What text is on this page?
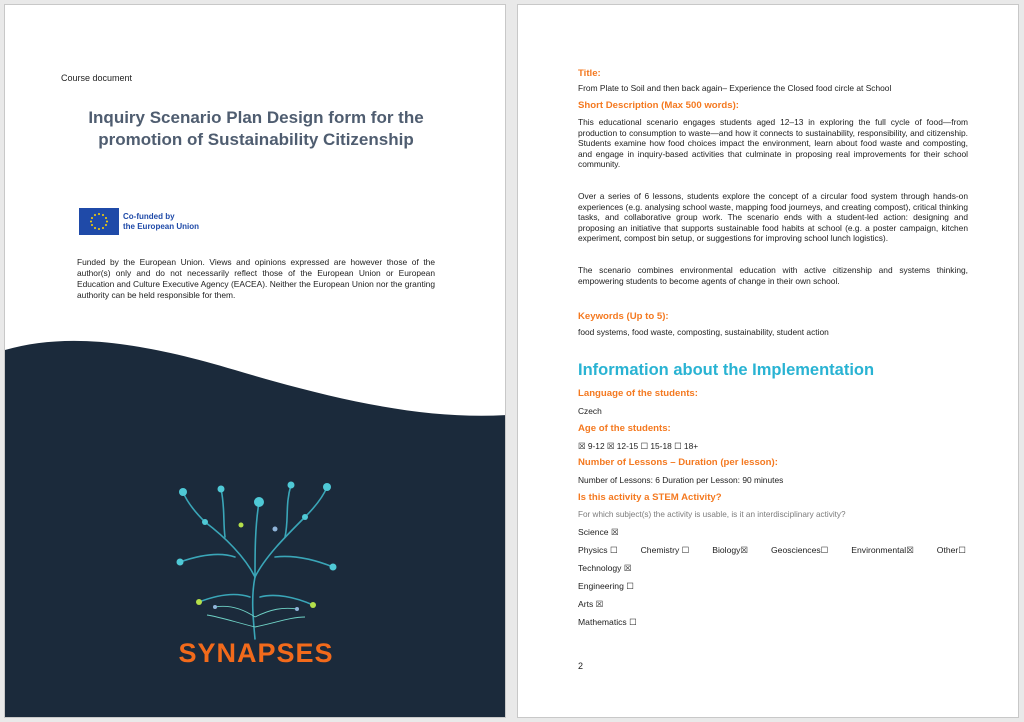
Course document
Inquiry Scenario Plan Design form for the promotion of Sustainability Citizenship
Co-funded by
the European Union
Funded by the European Union. Views and opinions expressed are however those of the author(s) only and do not necessarily reflect those of the European Union or European Education and Culture Executive Agency (EACEA). Neither the European Union nor the granting authority can be held responsible for them.
SYNAPSES
Title:
From Plate to Soil and then back again– Experience the Closed food circle at School
Short Description (Max 500 words):
This educational scenario engages students aged 12–13 in exploring the full cycle of food—from production to consumption to waste—and how it connects to sustainability, responsibility, and citizenship. Students examine how food choices impact the environment, learn about food waste and composting, and engage in inquiry-based activities that culminate in proposing real improvements for their school community.
Over a series of 6 lessons, students explore the concept of a circular food system through hands-on experiences (e.g. analysing school waste, mapping food journeys, and creating compost), critical thinking tasks, and collaborative group work. The scenario ends with a student-led action: designing and proposing an initiative that supports sustainable food habits at school (e.g. a poster campaign, kitchen experiment, compost bin setup, or suggestions for improving school lunch logistics).
The scenario combines environmental education with active citizenship and systems thinking, empowering students to become agents of change in their own school.
Keywords (Up to 5):
food systems, food waste, composting, sustainability, student action
Information about the Implementation
Language of the students:
Czech
Age of the students:
☒ 9-12 ☒ 12-15 ☐ 15-18 ☐ 18+
Number of Lessons – Duration (per lesson):
Number of Lessons: 6 Duration per Lesson: 90 minutes
Is this activity a STEM Activity?
For which subject(s) the activity is usable, is it an interdisciplinary activity?
Science ☒
Physics ☐	Chemistry ☐	Biology☒	Geosciences☐	Environmental☒	Other☐
Technology ☒
Engineering ☐
Arts ☒
Mathematics ☐
2
